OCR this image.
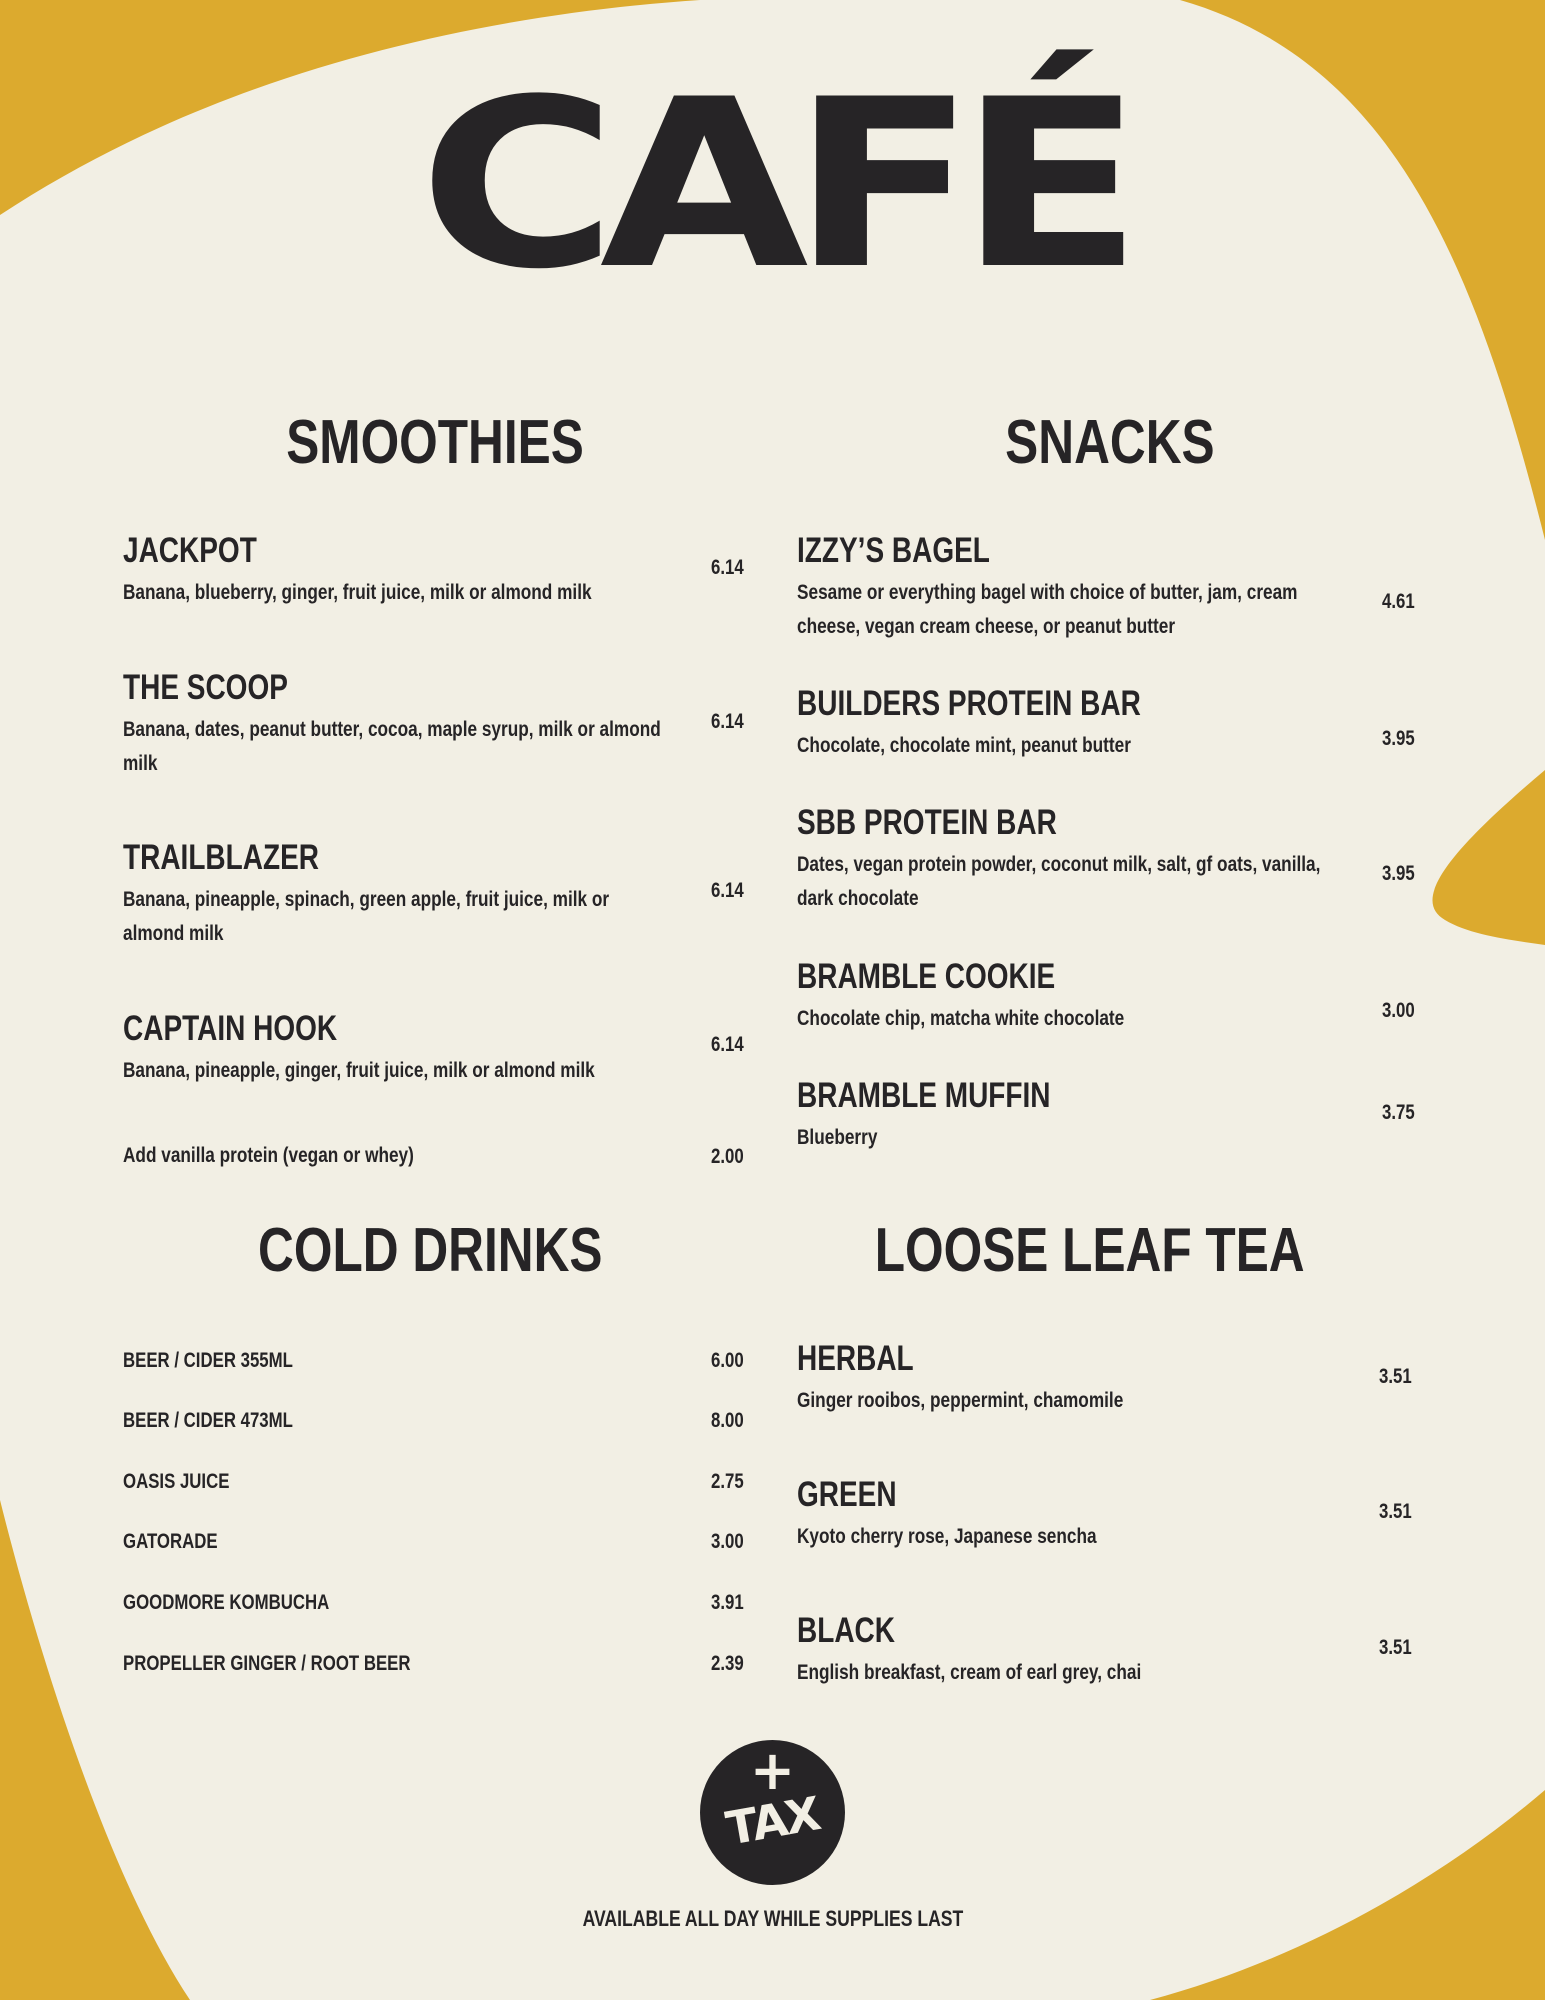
CAFÉ
SMOOTHIES
JACKPOT
Banana, blueberry, ginger, fruit juice, milk or almond milk
6.14
THE SCOOP
Banana, dates, peanut butter, cocoa, maple syrup, milk or almond
milk
6.14
TRAILBLAZER
Banana, pineapple, spinach, green apple, fruit juice, milk or
almond milk
6.14
CAPTAIN HOOK
Banana, pineapple, ginger, fruit juice, milk or almond milk
6.14
Add vanilla protein (vegan or whey)	2.00
SNACKS
IZZY’S BAGEL
Sesame or everything bagel with choice of butter, jam, cream
cheese, vegan cream cheese, or peanut butter
4.61
BUILDERS PROTEIN BAR
Chocolate, chocolate mint, peanut butter	3.95
SBB PROTEIN BAR
Dates, vegan protein powder, coconut milk, salt, gf oats, vanilla,
dark chocolate
3.95
BRAMBLE COOKIE
Chocolate chip, matcha white chocolate	3.00
BRAMBLE MUFFIN
Blueberry
3.75
COLD DRINKS
BEER / CIDER 355ML	6.00
BEER / CIDER 473ML	8.00
OASIS JUICE	2.75
GATORADE	3.00
GOODMORE KOMBUCHA	3.91
PROPELLER GINGER / ROOT BEER	2.39
LOOSE LEAF TEA
HERBAL
Ginger rooibos, peppermint, chamomile
3.51
GREEN
Kyoto cherry rose, Japanese sencha
3.51
BLACK
English breakfast, cream of earl grey, chai
3.51
+
TAX
AVAILABLE ALL DAY WHILE SUPPLIES LAST
